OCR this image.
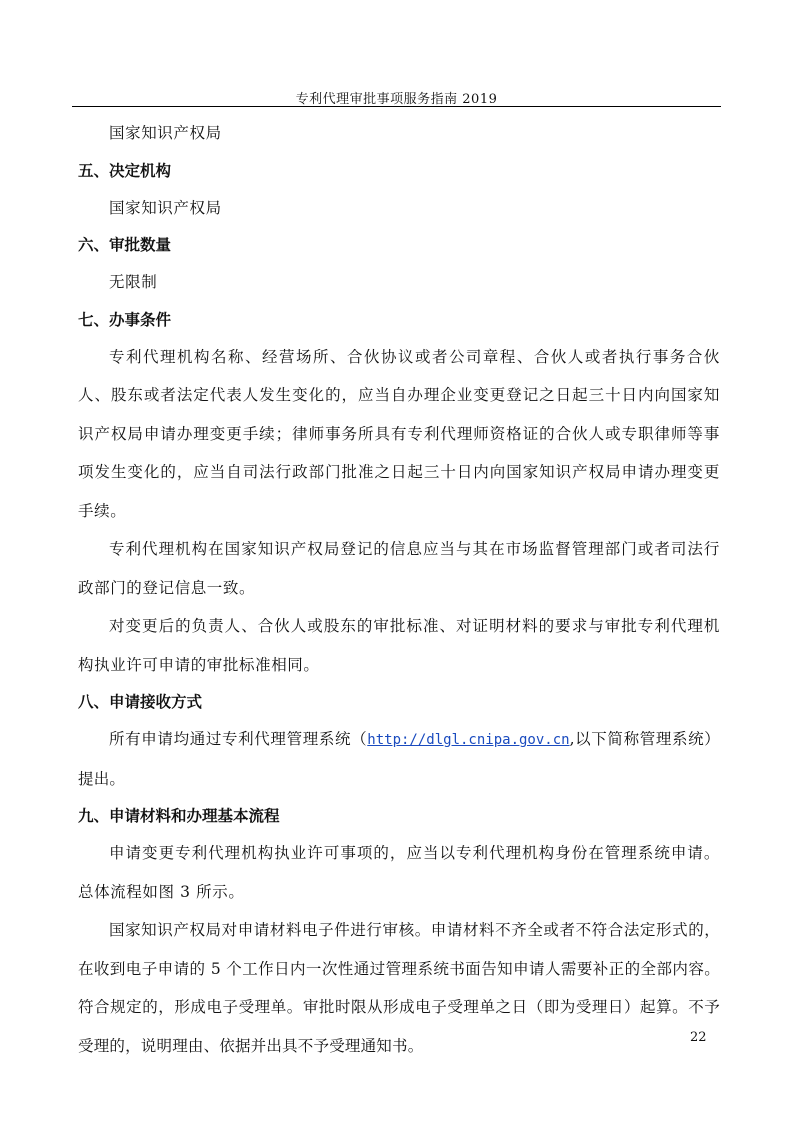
专利代理审批事项服务指南 2019

国家知识产权局

五、决定机构

国家知识产权局

六、审批数量

无限制

七、办事条件

专利代理机构名称、经营场所、合伙协议或者公司章程、合伙人或者执行事务合伙人、股东或者法定代表人发生变化的，应当自办理企业变更登记之日起三十日内向国家知识产权局申请办理变更手续；律师事务所具有专利代理师资格证的合伙人或专职律师等事项发生变化的，应当自司法行政部门批准之日起三十日内向国家知识产权局申请办理变更手续。

专利代理机构在国家知识产权局登记的信息应当与其在市场监督管理部门或者司法行政部门的登记信息一致。

对变更后的负责人、合伙人或股东的审批标准、对证明材料的要求与审批专利代理机构执业许可申请的审批标准相同。

八、申请接收方式

所有申请均通过专利代理管理系统（http://dlgl.cnipa.gov.cn,以下简称管理系统）提出。

九、申请材料和办理基本流程

申请变更专利代理机构执业许可事项的，应当以专利代理机构身份在管理系统申请。总体流程如图 3 所示。

国家知识产权局对申请材料电子件进行审核。申请材料不齐全或者不符合法定形式的，在收到电子申请的 5 个工作日内一次性通过管理系统书面告知申请人需要补正的全部内容。符合规定的，形成电子受理单。审批时限从形成电子受理单之日（即为受理日）起算。不予受理的，说明理由、依据并出具不予受理通知书。	22
